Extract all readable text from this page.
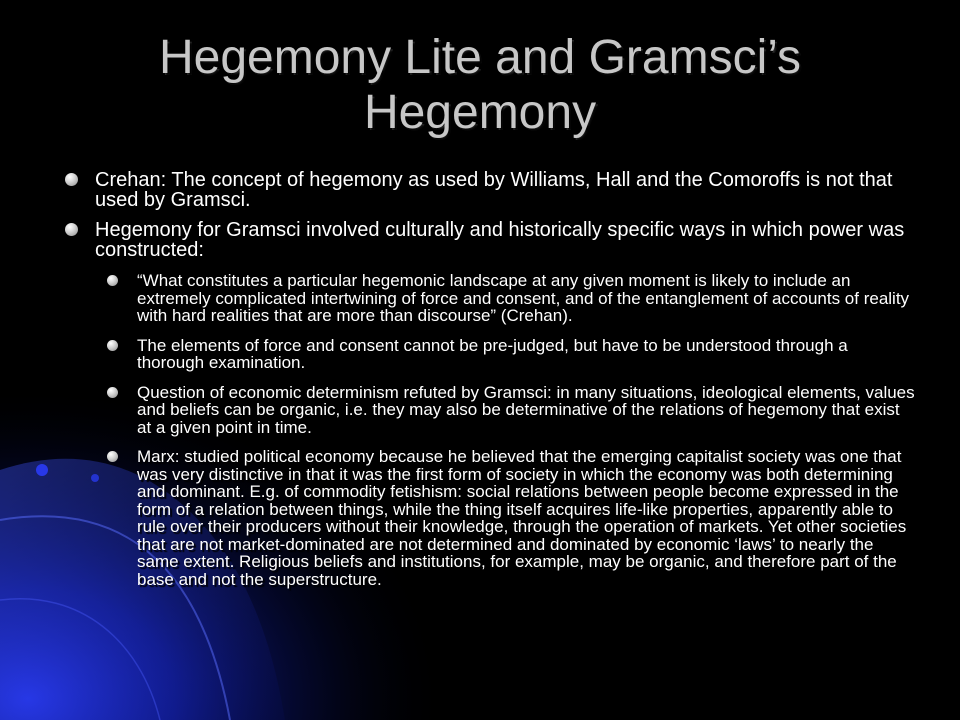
Hegemony Lite and Gramsci’s Hegemony
Crehan: The concept of hegemony as used by Williams, Hall and the Comoroffs is not that used by Gramsci.
Hegemony for Gramsci involved culturally and historically specific ways in which power was constructed:
“What constitutes a particular hegemonic landscape at any given moment is likely to include an extremely complicated intertwining of force and consent, and of the entanglement of accounts of reality with hard realities that are more than discourse” (Crehan).
The elements of force and consent cannot be pre-judged, but have to be understood through a thorough examination.
Question of economic determinism refuted by Gramsci: in many situations, ideological elements, values and beliefs can be organic, i.e. they may also be determinative of the relations of hegemony that exist at a given point in time.
Marx: studied political economy because he believed that the emerging capitalist society was one that was very distinctive in that it was the first form of society in which the economy was both determining and dominant. E.g. of commodity fetishism: social relations between people become expressed in the form of a relation between things, while the thing itself acquires life-like properties, apparently able to rule over their producers without their knowledge, through the operation of markets. Yet other societies that are not market-dominated are not determined and dominated by economic ‘laws’ to nearly the same extent. Religious beliefs and institutions, for example, may be organic, and therefore part of the base and not the superstructure.
